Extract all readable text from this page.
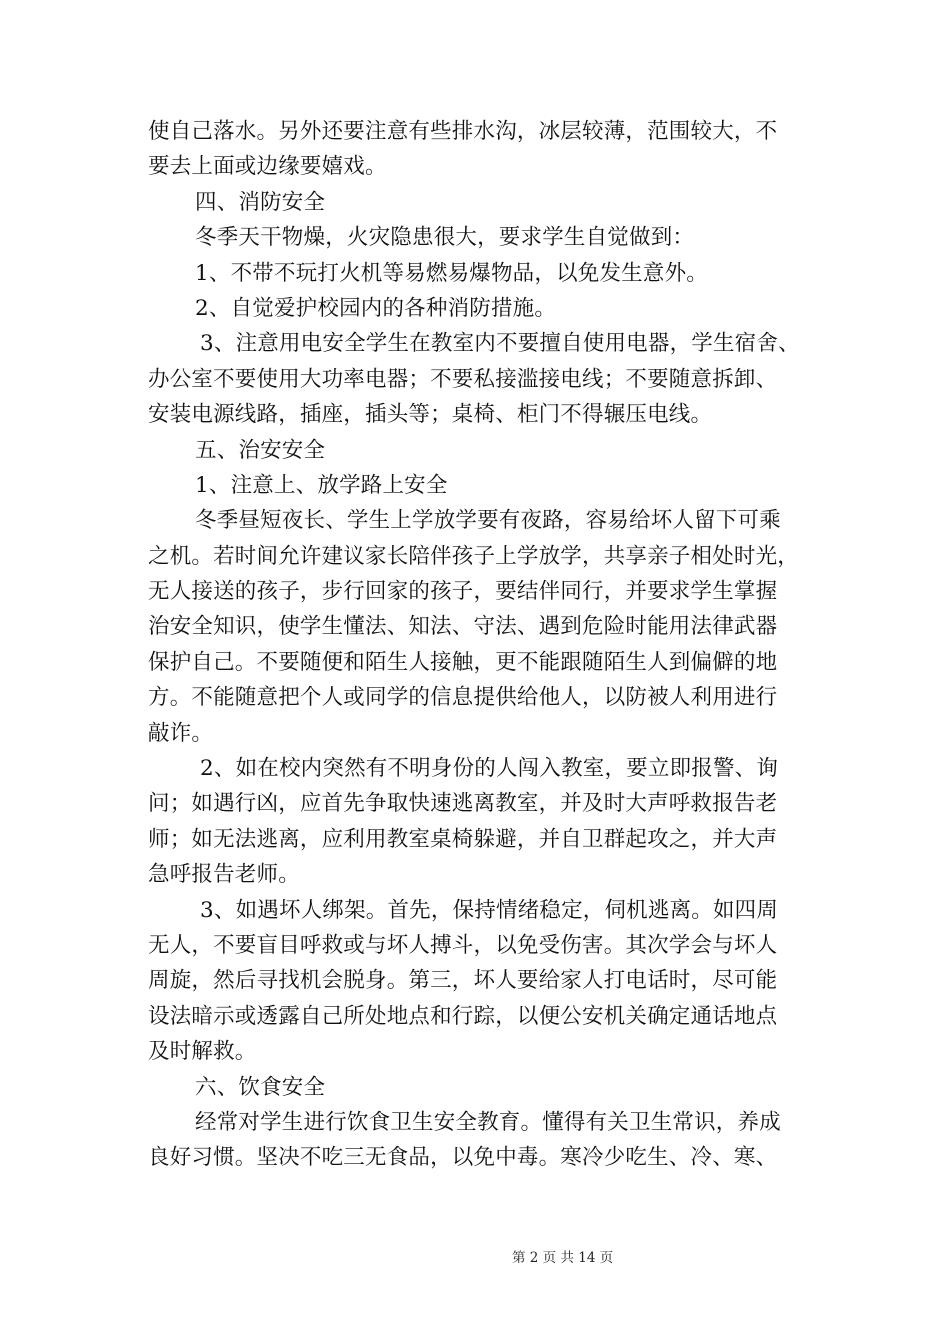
使自己落水。另外还要注意有些排水沟，冰层较薄，范围较大，不
要去上面或边缘要嬉戏。
四、消防安全
冬季天干物燥，火灾隐患很大，要求学生自觉做到：
1、不带不玩打火机等易燃易爆物品，以免发生意外。
2、自觉爱护校园内的各种消防措施。
3、注意用电安全学生在教室内不要擅自使用电器，学生宿舍、
办公室不要使用大功率电器；不要私接滥接电线；不要随意拆卸、
安装电源线路，插座，插头等；桌椅、柜门不得辗压电线。
五、治安安全
1、注意上、放学路上安全
冬季昼短夜长、学生上学放学要有夜路，容易给坏人留下可乘
之机。若时间允许建议家长陪伴孩子上学放学，共享亲子相处时光，
无人接送的孩子，步行回家的孩子，要结伴同行，并要求学生掌握
治安全知识，使学生懂法、知法、守法、遇到危险时能用法律武器
保护自己。不要随便和陌生人接触，更不能跟随陌生人到偏僻的地
方。不能随意把个人或同学的信息提供给他人，以防被人利用进行
敲诈。
2、如在校内突然有不明身份的人闯入教室，要立即报警、询
问；如遇行凶，应首先争取快速逃离教室，并及时大声呼救报告老
师；如无法逃离，应利用教室桌椅躲避，并自卫群起攻之，并大声
急呼报告老师。
3、如遇坏人绑架。首先，保持情绪稳定，伺机逃离。如四周
无人，不要盲目呼救或与坏人搏斗，以免受伤害。其次学会与坏人
周旋，然后寻找机会脱身。第三，坏人要给家人打电话时，尽可能
设法暗示或透露自己所处地点和行踪，以便公安机关确定通话地点
及时解救。
六、饮食安全
经常对学生进行饮食卫生安全教育。懂得有关卫生常识，养成
良好习惯。坚决不吃三无食品，以免中毒。寒冷少吃生、冷、寒、
第 2 页 共 14 页
